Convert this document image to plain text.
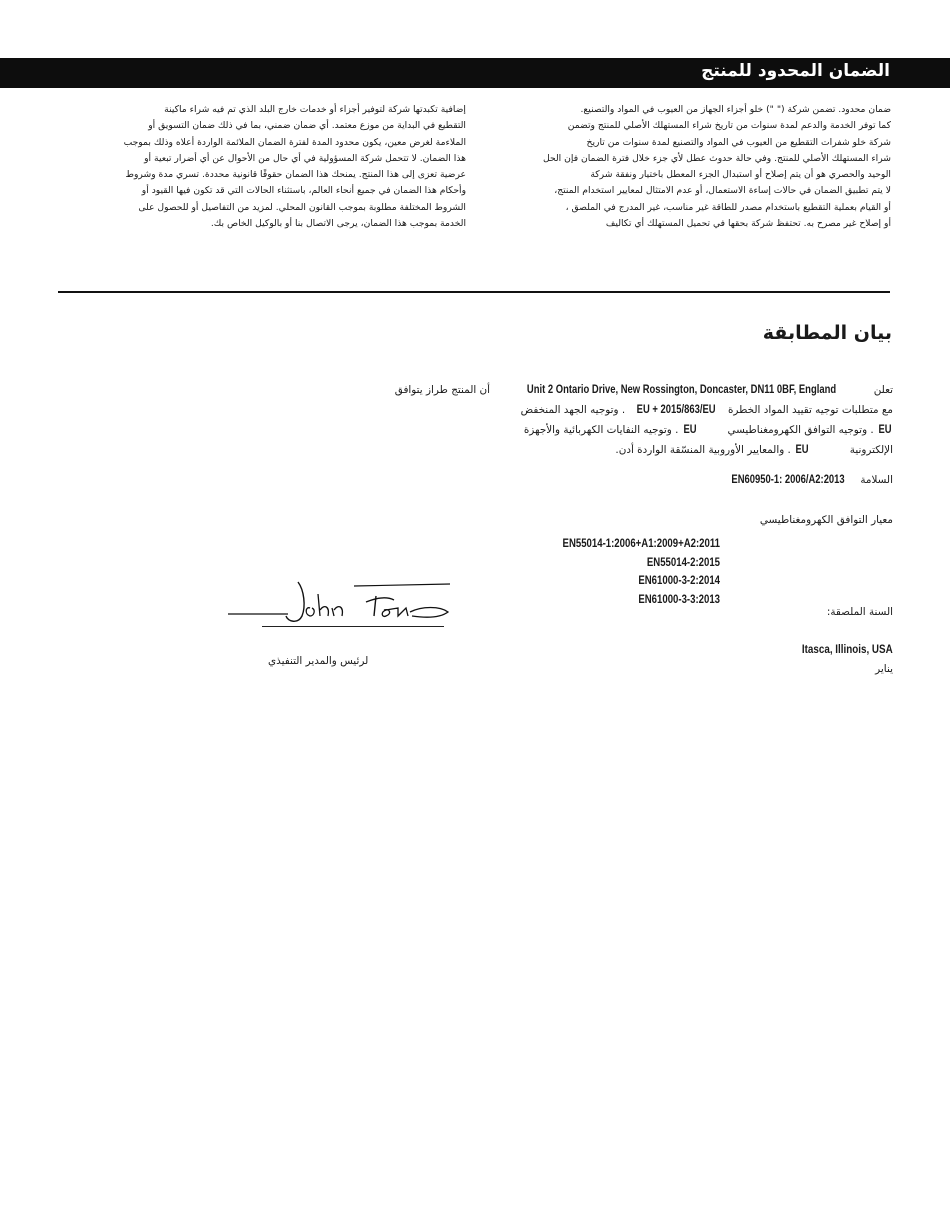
الضمان المحدود للمنتج

ضمان محدود. تضمن شركة (" ") خلو أجزاء الجهاز من العيوب في المواد والتصنيع.

كما توفر الخدمة والدعم لمدة سنوات من تاريخ شراء المستهلك الأصلي للمنتج وتضمن

شركة خلو شفرات التقطيع من العيوب في المواد والتصنيع لمدة سنوات من تاريخ

شراء المستهلك الأصلي للمنتج. وفي حالة حدوث عطل لأي جزء خلال فترة الضمان فإن الحل

الوحيد والحصري هو أن يتم إصلاح أو استبدال الجزء المعطل باختيار ونفقة شركة

لا يتم تطبيق الضمان في حالات إساءة الاستعمال، أو عدم الامتثال لمعايير استخدام المنتج،

أو القيام بعملية التقطيع باستخدام مصدر للطاقة غير مناسب، غير المدرج في الملصق ،

أو إصلاح غير مصرح به. تحتفظ شركة بحقها في تحميل المستهلك أي تكاليف

إضافية تكبدتها شركة لتوفير أجزاء أو خدمات خارج البلد الذي تم فيه شراء ماكينة

التقطيع في البداية من موزع معتمد. أي ضمان ضمني، بما في ذلك ضمان التسويق أو

الملاءمة لغرض معين، يكون محدود المدة لفترة الضمان الملائمة الواردة أعلاه وذلك بموجب

هذا الضمان. لا تتحمل شركة المسؤولية في أي حال من الأحوال عن أي أضرار تبعية أو

عرضية تعزى إلى هذا المنتج. يمنحك هذا الضمان حقوقًا قانونية محددة. تسري مدة وشروط

وأحكام هذا الضمان في جميع أنحاء العالم، باستثناء الحالات التي قد تكون فيها القيود أو

الشروط المختلفة مطلوبة بموجب القانون المحلي. لمزيد من التفاصيل أو للحصول على

الخدمة بموجب هذا الضمان، يرجى الاتصال بنا أو بالوكيل الخاص بك.

بيان المطابقة

تعلن Unit 2 Ontario Drive, New Rossington, Doncaster, DN11 0BF, England أن المنتج طراز يتوافق

مع متطلبات توجيه تقييد المواد الخطرة EU + 2015/863/EU . وتوجيه الجهد المنخفض

EU . وتوجيه التوافق الكهرومغناطيسي         EU . وتوجيه النفايات الكهربائية والأجهزة

الإلكترونية            EU . والمعايير الأوروبية المنسّقة الواردة أدن.

السلامة EN60950-1: 2006/A2:2013
معيار التوافق الكهرومغناطيسي
EN55014-1:2006+A1:2009+A2:2011
EN55014-2:2015
EN61000-3-2:2014
EN61000-3-3:2013
السنة الملصقة:
Itasca, Illinois, USA
يناير
لرئيس والمدير التنفيذي
